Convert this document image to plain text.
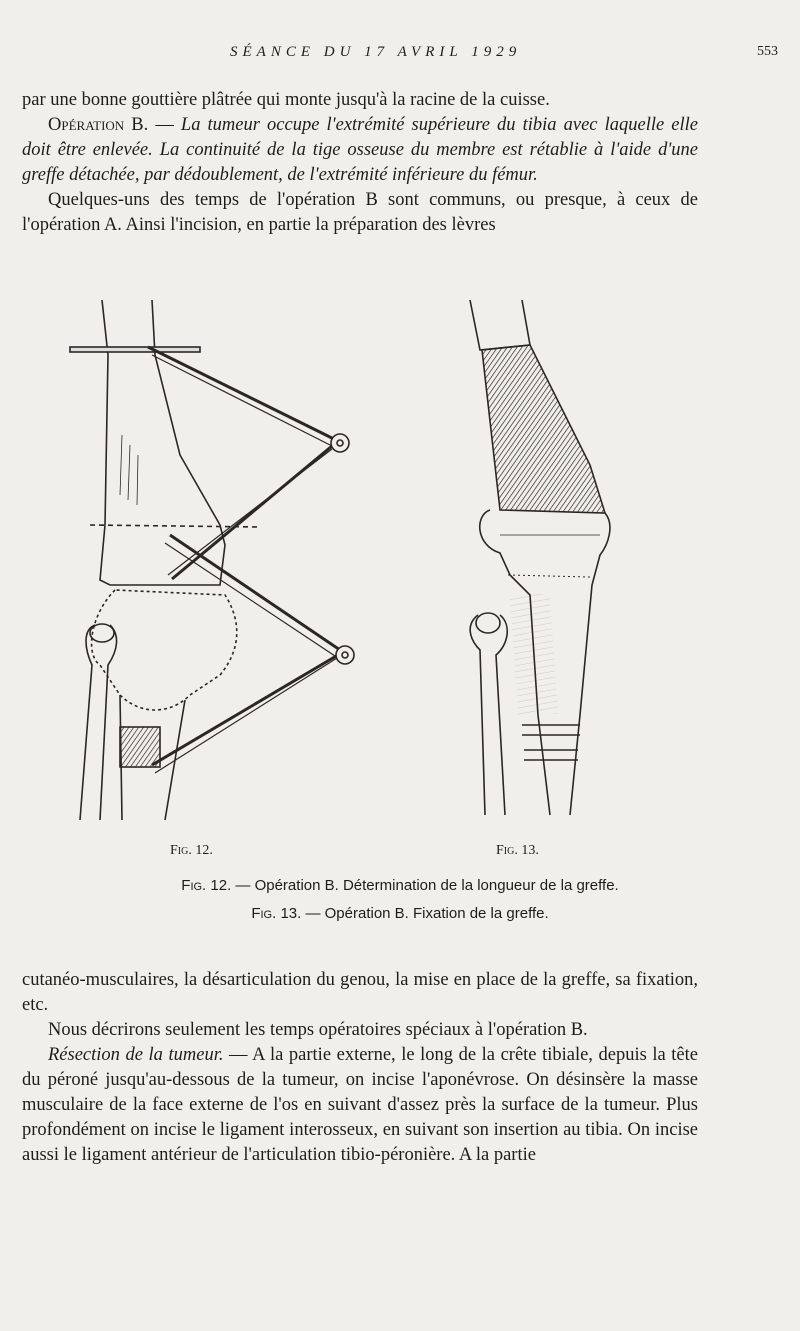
SÉANCE DU 17 AVRIL 1929	553

par une bonne gouttière plâtrée qui monte jusqu'à la racine de la cuisse.

Opération B. — La tumeur occupe l'extrémité supérieure du tibia avec laquelle elle doit être enlevée. La continuité de la tige osseuse du membre est rétablie à l'aide d'une greffe détachée, par dédoublement, de l'extrémité inférieure du fémur.

Quelques-uns des temps de l'opération B sont communs, ou presque, à ceux de l'opération A. Ainsi l'incision, en partie la préparation des lèvres

Fig. 12.	Fig. 13.
Fig. 12. — Opération B. Détermination de la longueur de la greffe.
Fig. 13. — Opération B. Fixation de la greffe.

cutanéo-musculaires, la désarticulation du genou, la mise en place de la greffe, sa fixation, etc.

Nous décrirons seulement les temps opératoires spéciaux à l'opération B.

Résection de la tumeur. — A la partie externe, le long de la crête tibiale, depuis la tête du péroné jusqu'au-dessous de la tumeur, on incise l'aponévrose. On désinsère la masse musculaire de la face externe de l'os en suivant d'assez près la surface de la tumeur. Plus profondément on incise le ligament interosseux, en suivant son insertion au tibia. On incise aussi le ligament antérieur de l'articulation tibio-péronière. A la partie
